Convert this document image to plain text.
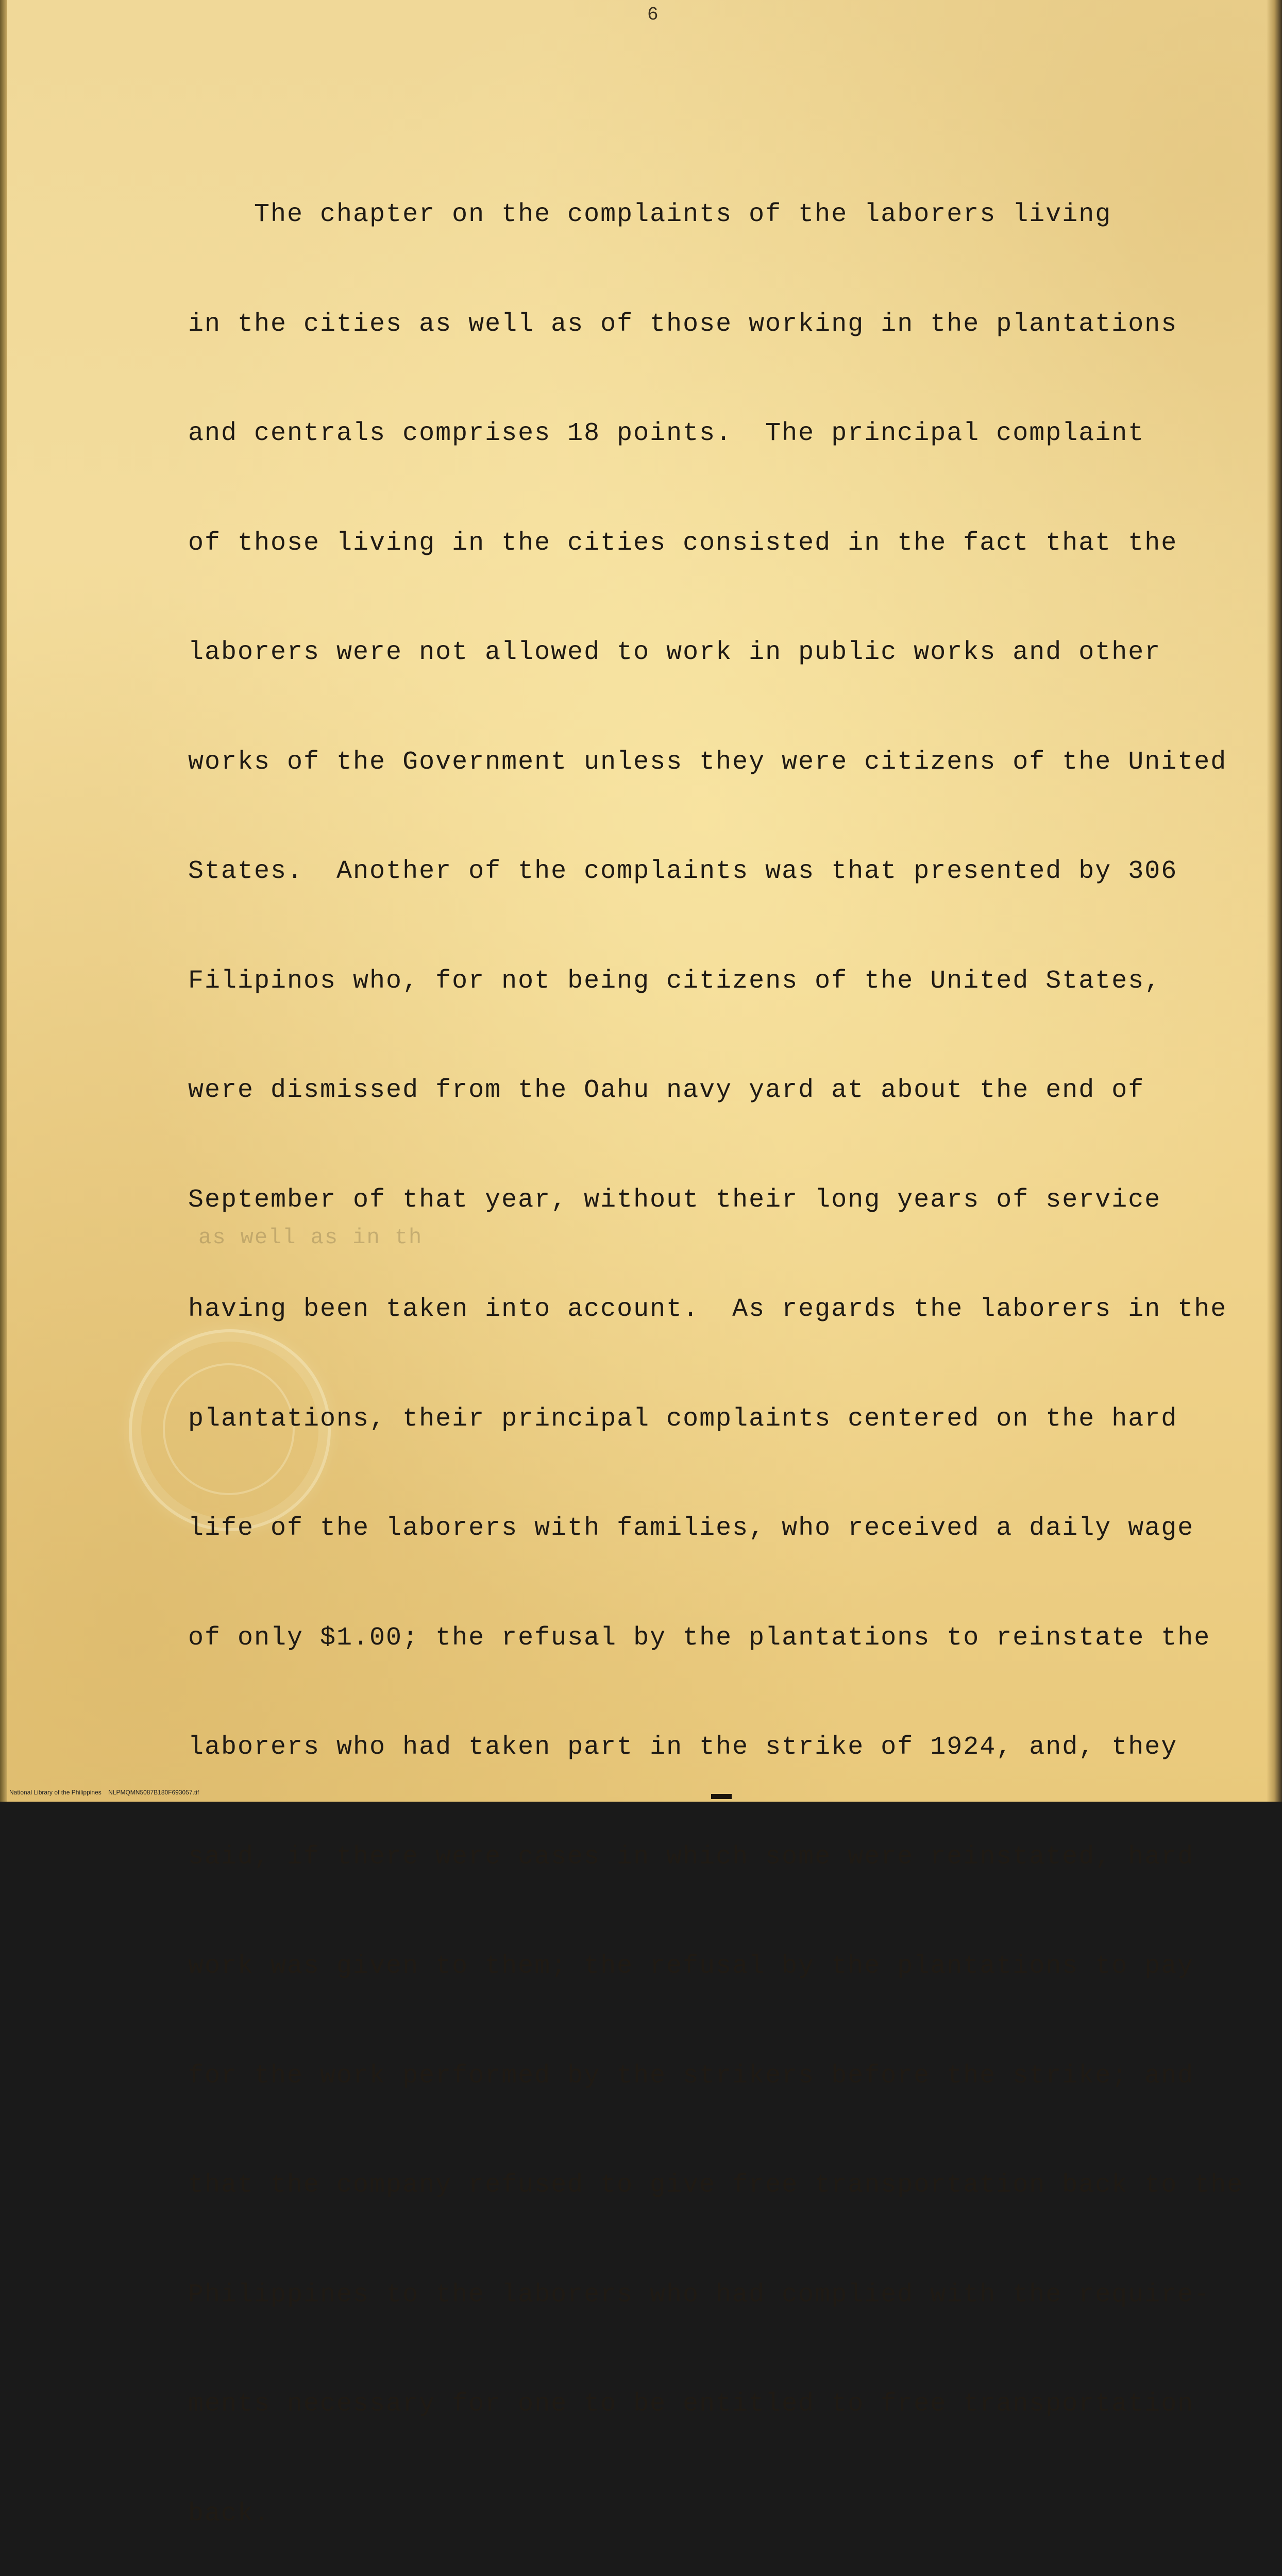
6
as well as in th

The chapter on the complaints of the laborers living

in the cities as well as of those working in the plantations

and centrals comprises 18 points.  The principal complaint

of those living in the cities consisted in the fact that the

laborers were not allowed to work in public works and other

works of the Government unless they were citizens of the United

States.  Another of the complaints was that presented by 306

Filipinos who, for not being citizens of the United States,

were dismissed from the Oahu navy yard at about the end of

September of that year, without their long years of service

having been taken into account.  As regards the laborers in the

plantations, their principal complaints centered on the hard

life of the laborers with families, who received a daily wage

of only $1.00; the refusal by the plantations to reinstate the

laborers who had taken part in the strike of 1924, and, they

said, if there were cases in which some were reinstated, hard

work was given to them; the refusal by the plantations to pay

for the work performed by the strikers before the strike; and

that the company refused to give free transportation back to the

Philippines to the laborers who had complied with the require-

ments necessary for one to be entitled to free transportation

back.

National Library of the Philippines    NLPMQMN5087B180F693057.tif
